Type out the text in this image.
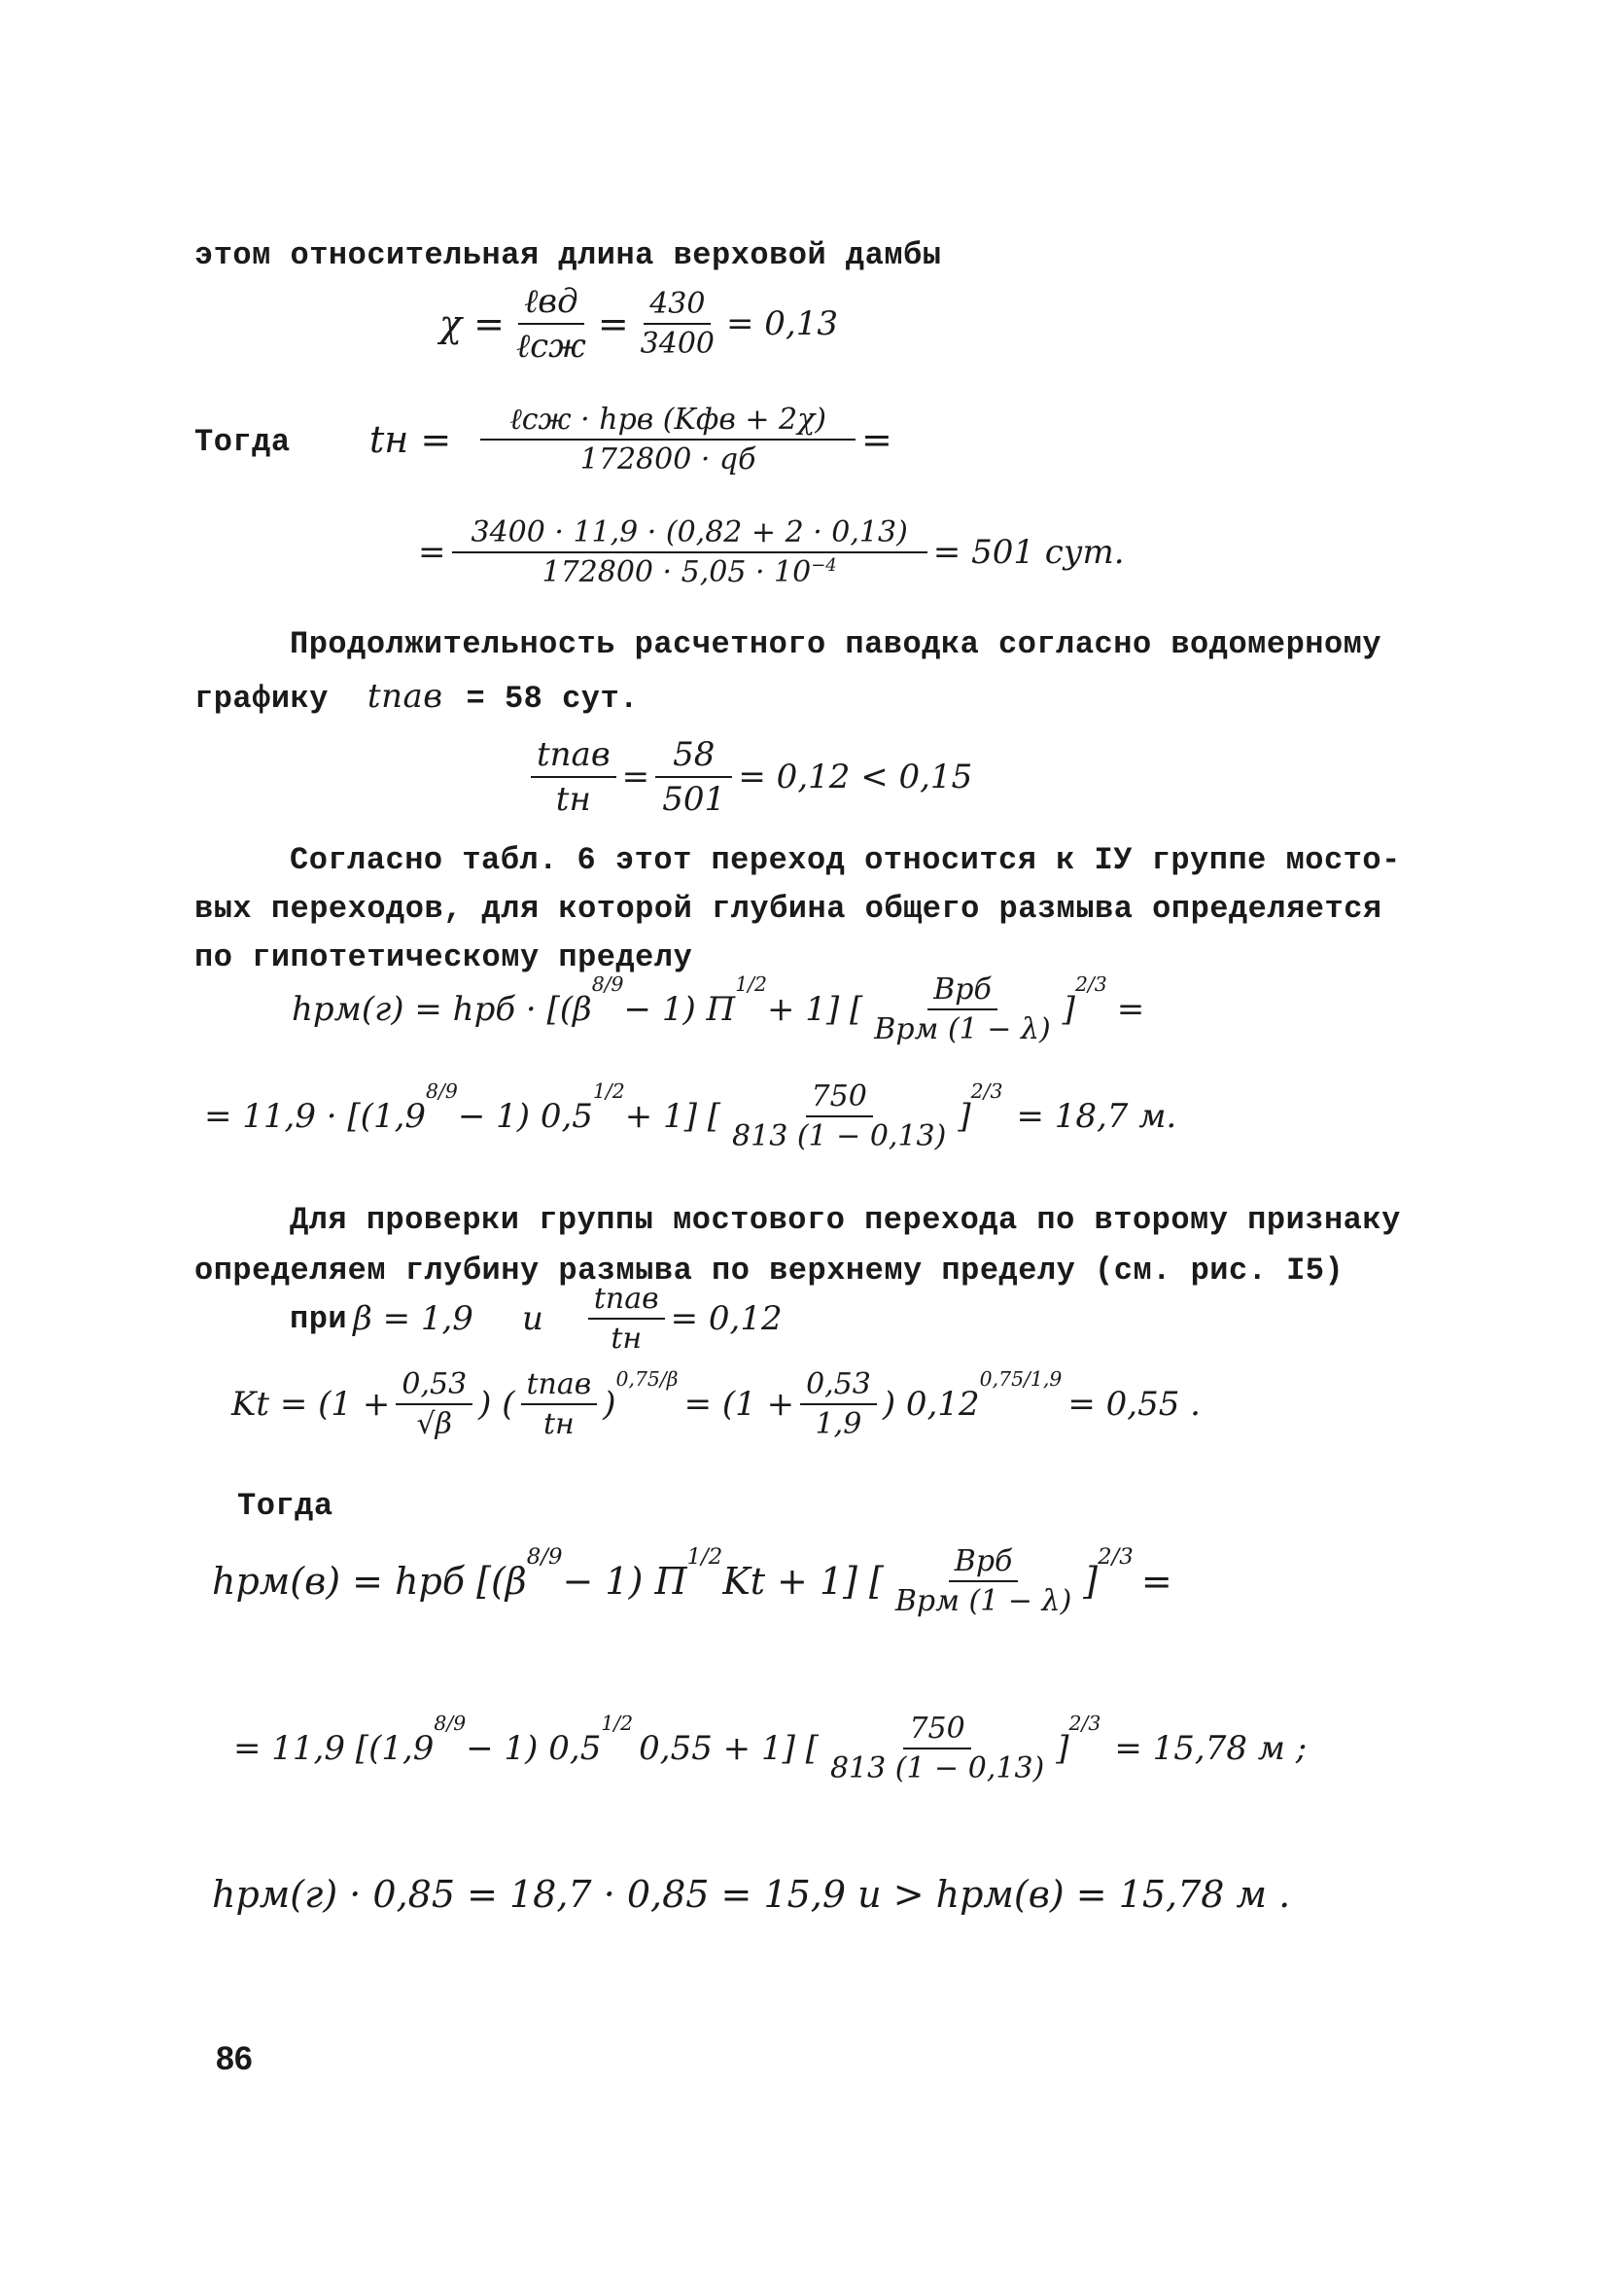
этом относительная длина верховой дамбы
$\chi = \frac{\text{ℓвд}}{\text{ℓсж}} = \frac{430}{3400} = 0,13$
Тогда tн = $\frac{\text{ℓсж · hрв (Kфв + 2χ)}}{172800 \cdot qб}$ =
= $\frac{3400 \cdot 11,9 \cdot (0,82 + 2 \cdot 0,13)}{172800 \cdot 5,05 \cdot 10^{-4}} = 501$ сут.
Продолжительность расчетного паводка согласно водомерному
графику tпав = 58 сут.
$\frac{\text{tпав}}{tн} = \frac{58}{501} = 0,12 < 0,15$
Согласно табл. 6 этот переход относится к IУ группе мосто-
вых переходов, для которой глубина общего размыва определяется
по гипотетическому пределу
hрм(г) = hрб · [(β
$^{8/9}$
− 1) П
$^{1/2}$
+ 1] [ $\frac{\text{Bрб}}{\text{Bрм (1 − λ)}}$ ]
$^{2/3}$
=
= 11,9 · [(1,9
$^{8/9}$
− 1) 0,5
$^{1/2}$
+ 1] [ $\frac{750}{813 (1 - 0,13)}$ ]
$^{2/3}$
= 18,7 м.
Для проверки группы мостового перехода по второму признаку
определяем глубину размыва по верхнему пределу (см. рис. I5)
при β = 1,9 и $\frac{\text{tпав}}{tн} = 0,12$
$Kt = (1 + \frac{0,53}{√\beta}$ ) ( $\frac{\text{tпав}}{tн}$ )
$^{0,75/\beta}$
= ($1 + \frac{0,53}{1,9}$ ) 0,12
$^{0,75/1,9}$
= 0,55 .
Тогда
hрм(в) = hрб [(β
$^{8/9}$
− 1) П
$^{1/2}$
Kt + 1] [ $\frac{\text{Bрб}}{\text{Bрм (1 − λ)}}$ ]
$^{2/3}$
=
= 11,9 [(1,9
$^{8/9}$
− 1) 0,5
$^{1/2}$
0,55 + 1] [ $\frac{750}{813 (1 - 0,13)}$ ]
$^{2/3}$
= 15,78 м ;
hрм(г) · 0,85 = 18,7 · 0,85 = 15,9 и > hрм(в) = 15,78 м .
86
